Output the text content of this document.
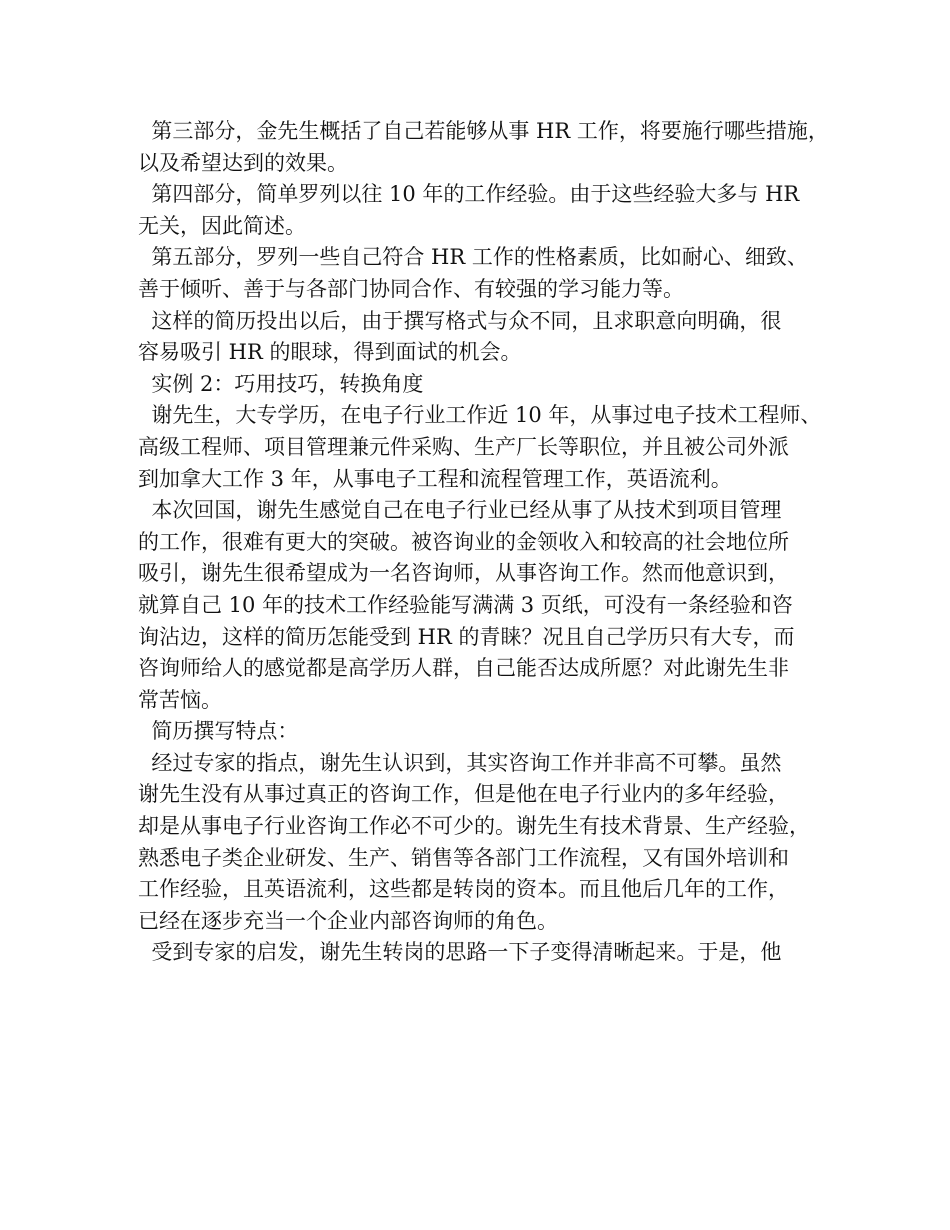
第三部分，金先生概括了自己若能够从事 HR 工作，将要施行哪些措施，
以及希望达到的效果。
第四部分，简单罗列以往 10 年的工作经验。由于这些经验大多与 HR
无关，因此简述。
第五部分，罗列一些自己符合 HR 工作的性格素质，比如耐心、细致、
善于倾听、善于与各部门协同合作、有较强的学习能力等。
这样的简历投出以后，由于撰写格式与众不同，且求职意向明确，很
容易吸引 HR 的眼球，得到面试的机会。
实例 2：巧用技巧，转换角度
谢先生，大专学历，在电子行业工作近 10 年，从事过电子技术工程师、
高级工程师、项目管理兼元件采购、生产厂长等职位，并且被公司外派
到加拿大工作 3 年，从事电子工程和流程管理工作，英语流利。
本次回国，谢先生感觉自己在电子行业已经从事了从技术到项目管理
的工作，很难有更大的突破。被咨询业的金领收入和较高的社会地位所
吸引，谢先生很希望成为一名咨询师，从事咨询工作。然而他意识到，
就算自己 10 年的技术工作经验能写满满 3 页纸，可没有一条经验和咨
询沾边，这样的简历怎能受到 HR 的青睐？况且自己学历只有大专，而
咨询师给人的感觉都是高学历人群，自己能否达成所愿？对此谢先生非
常苦恼。
简历撰写特点：
经过专家的指点，谢先生认识到，其实咨询工作并非高不可攀。虽然
谢先生没有从事过真正的咨询工作，但是他在电子行业内的多年经验，
却是从事电子行业咨询工作必不可少的。谢先生有技术背景、生产经验，
熟悉电子类企业研发、生产、销售等各部门工作流程，又有国外培训和
工作经验，且英语流利，这些都是转岗的资本。而且他后几年的工作，
已经在逐步充当一个企业内部咨询师的角色。
受到专家的启发，谢先生转岗的思路一下子变得清晰起来。于是，他
